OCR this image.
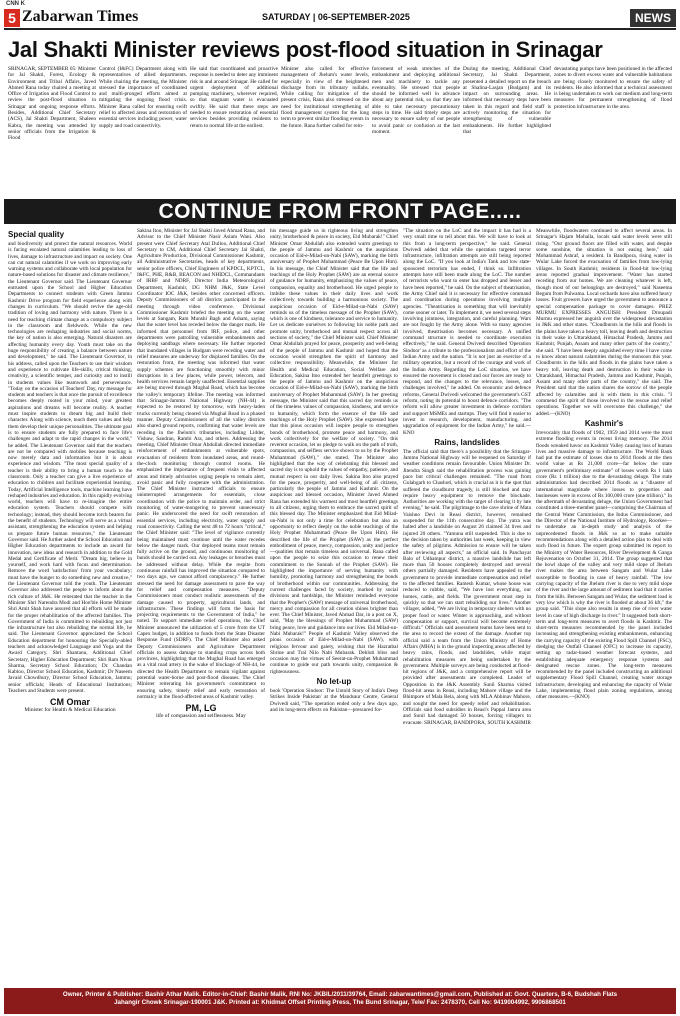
CNN K
5 Zabarwan Times	SATURDAY | 06-SEPTEMBER-2025	NEWS
Jal Shakti Minister reviews post-flood situation in Srinagar

SRINAGAR, SEPTEMBER 05: Minister for Jal Shakti, Forest, Ecology & Environment and Tribal Affairs, Javed Ahmed Rana today chaired a meeting at Office of Irrigation and Flood Control to review the post-flood situation in Srinagar and ongoing response efforts. Besides, Additional Chief Secretary (ACS), Jal Shakti Department, Shaleen Kabra, the meeting was attended by senior officials from the Irrigation & Flood

Control (I&FC) Department along with representatives of allied departments. While chairing the meeting, the Minister stressed the importance of coordinated and multi-pronged efforts aimed at mitigating the ongoing flood crisis. Minister Rana called for ensuring swift relief to affected areas and restoration of essential services including power, water supply and road connectivity.

He said that coordinated and proactive response is needed to deter any imminent risk in and around Srinagar. He called for urgent deployment of additional pumping machinery, wherever required, so that stagnant water is evacuated swiftly. He said that these steps are needed to ensure restoration of essential services besides providing residents to return to normal life at the earliest.

Minister also called for effective management of Jhelum's water levels, especially in view of the heightened discharge from its tributary nullahs. While calling for mitigation of the present crisis, Rana also stressed on the need for institutional strengthening of flood management system for the long term to prevent similar flooding events in the future. Rana further called for rein-

forcement of weak stretches of the embankment and deploying additional men and machinery to tackle any eventuality. He stressed that people should be informed well in advance about any potential risk, so that they are able to take necessary precautionary steps in time. He said timely steps are necessary to ensure safety of our people to avoid panic or confusion at the last moment.

During the meeting, Additional Chief Secretary, Jal Shakti Department, presented a detailed report on the breach at Shalina-Lasjan (Budgam) and its impact on surrounding areas. He informed that necessary steps have been taken in this regard and field staff is actively monitoring the situation for strengthening of vulnerable embankments. He further highlighted that

devastating pumps have been positioned in the affected zones to divert excess water and vulnerable habitations are being closely monitored to ensure the safety of residents. He also informed that a technical assessment is being undertaken to work out medium and long-term measures for permanent strengthening of flood protection infrastructure in the area.

CONTINUE FROM FRONT PAGE.....
Special quality

and biodiversity and protect the natural resources. World is facing escalated natural calamities leading to loss of lives, damage to infrastructure and impact on society. One can cut natural calamities if we work on improving early warning systems and collaborate with local population for nature-based solutions for disaster and climate resilience," the Lieutenant Governor said. The Lieutenant Governor entrusted upon the School and Higher Education Departments to connect students with Green Jammu Kashmir Drive program for field experience along with changes in curriculum. "We should revive the age-old tradition of loving and harmony with nature. There is a need for teaching climate change as a compulsory subject in the classroom and fieldwork. While the new technologies are reshaping industries and social norms, the key of nation is also emerging. Natural disasters are affecting humanity every day. Youth must take on the huge responsibility of creating a balance between nature and development," he said. The Lieutenant Governor, in his address, called upon the Teachers to use their wisdom and experience to cultivate life-skills, critical thinking, creativity, a scientific temper, and curiosity and to instill in students values like teamwork and perseverance. "Today on the occasion of Teachers' Day, my message for students and teachers is that once the pursuit of excellence becomes deeply rooted in your mind, your greatest aspirations and dreams will become reality. A teacher must inspire students to dream big and build their character. Along with science, teach them values and help them develop their unique personalities. The ultimate goal is to ensure students are fully prepared to face life's challenges and adapt to the rapid changes in the world," he added. The Lieutenant Governor said that the teachers are not be compared with mobiles because teaching is now merely data and information but it is about experience and wisdom. "The most special quality of a teacher is their ability to bring a human touch to the classroom. Only a teacher can give a live experience of education to children and facilitate experiential learning. Today, Artificial Intelligence tools, machine learning have reshaped industries and education. In this rapidly evolving world, teachers will have to re-imagine the entire education system. Teachers should compete with technology; instead, they should become torch bearers for the benefit of students. Technology will serve as a virtual assistant, strengthening the education system and helping us prepare future human resources," the Lieutenant Governor said. He further asked the School Education and Higher Education departments to include an award for innovation, new ideas and research in addition to the Gold Medal and Certificate of Merit. "Dream big, believe in yourself, and work hard with focus and determination. Remove the word 'satisfaction' from your vocabulary; must have the hunger to do something new and creative," the Lieutenant Governor told the youth. The Lieutenant Governor also addressed the people to inform about the rich culture of J&K. He reiterated that the teacher in the Minister Shri Narendra Modi and Hon'ble Home Minister Shri Amit Shah have assured that all efforts will be made for the proper rehabilitation of the affected families. The Government of India is committed to rebuilding not just the infrastructure but also rebuilding the normal life, he said. The Lieutenant Governor appreciated the School Education department for honouring the Specially-abled teachers and acknowledged Language and Yoga and the Award Category. Shri Shantanu, Additional Chief Secretary, Higher Education Department; Shri Ram Nivas Sharma, Secretary School Education; Dr. Chandan Kabloo, Director School Education, Kashmir; Dr Naseem Javaid Chowdhury, Director School Education, Jammu; senior officials; Heads of Educational Institutions; Teachers and Students were present.

CM Omar
Minister for Health & Medical Education

Sakina Itoo, Minister for Jal Shakti Javed Ahmad Rana, and Advisor to the Chief Minister Nasir Aslam Wani. Also present were Chief Secretary Atal Dulloo, Additional Chief Secretary to CM, Additional Chief Secretary Jal Shakti, Agriculture Production, Divisional Commissioner Kashmir, all Administrative Secretaries, heads of key departments, senior police officers, Chief Engineers of KPDCL, KPTCL, I&FC, PHE, R&B, BEACON and NHIDCL, Commandants of IRBF and NDRF, Director India Meteorological Department, Kashmir, DG NHM J&K, State Level Coordinator IOC J&K, besides other concerned officers. Deputy Commissioners of all districts participated in the meeting through video conference. Divisional Commissioner Kashmir briefed the meeting on the water levels at Sangam, Ram Munshi Bagh and Asham, saying that the water level has receded below the danger mark. He informed that personnel from IRF, police, and other departments were patrolling vulnerable embankments and deploying sandbags where necessary. He further reported that inundated villages in Budgam were receding water and relief measures are underway for displaced families. On the restoration front, the meeting was informed that water supply schemes are functioning smoothly with minor disruptions in a few places, while power, telecom, and health services remain largely unaffected. Essential supplies are being moved through Mughal Road, which has become the valley's temporary lifeline. The meeting was informed that Srinagar-Jammu National Highway (NH-44) is expected to be restored by tomorrow, with heavy-laden trucks currently being cleared via Mughal Road in a phased manner. Deputy Commissioners of all the valley districts also shared ground reports, confirming that water levels are receding in the Jhelum's tributaries, including Lidder, Vishaw, Sandran, Rambi Ara, and others. Addressing the meeting, Chief Minister Omar Abdullah directed immediate reinforcement of embankments at vulnerable spots, evacuation of residents from inundated areas, and round-the-clock monitoring through control rooms. He emphasized the importance of frequent visits to affected areas and timely advisories urging people to remain alert, avoid panic and fully cooperate with the administration. The Chief Minister instructed officials to ensure uninterrupted arrangements for essentials, close coordination with the police to maintain order, and strict monitoring of water-mongering to prevent unnecessary panic. He underscored the need for swift restoration of essential services, including electricity, water supply and road connectivity. Calling the next 48 to 72 hours "critical," the Chief Minister said: "The level of vigilance currently being maintained must continue until the water recedes below the danger mark. Our deployed teams must remain fully active on the ground, and continuous monitoring of bunds should be carried out. Any leakages or breaches must be addressed without delay. While the respite from continuous rainfall has improved the situation compared to two days ago, we cannot afford complacency." He further stressed the need for damage assessment to pave the way for relief and compensation measures. "Deputy Commissioners must conduct realistic assessments of the damage caused to property, agricultural lands, and infrastructure. These findings will form the basis for projecting requirements to the Government of India," he noted. To support immediate relief operations, the Chief Minister announced the utilization of 5 crore from the UT Capex budget, in addition to funds from the State Disaster Response Fund (SDRF). The Chief Minister also asked Deputy Commissioners and Agriculture Department officials to assess damage to standing crops across both provinces, highlighting that the Mughal Road has emerged as a vital road artery in the wake of blockage of NH-44, he directed the Health Department to remain vigilant against potential water-borne and post-flood diseases. The Chief Minister reiterating his government's commitment to ensuring safety, timely relief and early restoration of normalcy in the flood-affected areas of Kashmir valley.

PM, LG
life of compassion and selflessness. May

his message guide us in righteous living and strengthen unity, brotherhood & peace in society, Eid Mubarak!" Chief Minister Omar Abdullah also extended warm greetings to the people of Jammu and Kashmir on the auspicious occasion of Eid-e-Milad-un-Nabi (SAW), marking the birth anniversary of Prophet Muhammad (Peace Be Upon Him). In his message, the Chief Minister said that the life and teachings of the Holy Prophet (SAW) are an eternal source of guidance for humanity, emphasizing the values of peace, compassion, equality and brotherhood. He urged people to imbibe these values in their daily lives and work collectively towards building a harmonious society. The auspicious occasion of Eid-e-Milad-un-Nabi (SAW) reminds us of the timeless message of the Prophet (SAW), which is one of kindness, tolerance and service to humanity. Let us dedicate ourselves to following his noble path and promote unity, brotherhood and mutual respect across all sections of society," the Chief Minister said. Chief Minister Omar Abdullah prayed for peace, prosperity and well-being of the people of Jammu and Kashmir and hoped that the occasion would strengthen the spirit of harmony and collective responsibility. Meanwhile, the Minister for Health and Medical Education, Social Welfare and Education, Sakina Itoo extended her heartfelt greetings to the people of Jammu and Kashmir on the auspicious occasion of Eid-e-Milad-un-Nabi (SAW), marking the birth anniversary of Prophet Muhammad (SAW). In her greeting message, the Minister said that this sacred day reminds us of the timeless values of compassion, kindness, and service to humanity, which form the essence of the life and teachings of the Holy Prophet (SAW). She expressed hope that this pious occasion will inspire people to strengthen bonds of brotherhood, promote peace and harmony, and work collectively for the welfare of society. "On this reverent occasion, let us pledge to walk on the path of truth, compassion, and selfless service shown to us by the Prophet Muhammad (SAW)," she stated. The Minister also highlighted that the way of celebrating this blessed and sacred day is to uphold the values of empathy, patience, and mutual respect in our daily lives. Sakina Itoo also prayed for the peace, prosperity, and well-being of all citizens, particularly the people of Jammu and Kashmir. On the auspicious and blessed occasion, Minister Javed Ahmed Rana has extended his warmest and most heartfelt greetings to all citizens, urging them to embrace the sacred spirit of this blessed day. The Minister emphasized that Eid Milad-un-Nabi is not only a time for celebration but also an opportunity to reflect deeply on the noble teachings of the Holy Prophet Muhammad (Peace Be Upon Him). He described the life of the Prophet (SAW) as the perfect embodiment of peace, mercy, compassion, unity and justice—qualities that remain timeless and universal. Rana called upon the people to seize this occasion to renew their commitment to the Sunnah of the Prophet (SAW). He highlighted the importance of serving humanity with humility, promoting harmony and strengthening the bonds of brotherhood within our communities. Addressing the current challenges faced by society, marked by social divisions and hardships, the Minister reminded everyone that the Prophet's (SAW) message of universal brotherhood, mercy and compassion for all creation shines brighter than ever. The Chief Minister, Javed Ahmad Dar, in a post on X, said, "May the blessings of Prophet Muhammad (SAW) bring peace, love and guidance into our lives. Eid Milad-un-Nabi Mubarak!" People of Kashmir Valley observed the pious occasion of Eid-e-Milad-un-Nabi (SAW), with religious fervour and gaiety, wishing that the Hazratbal Shrine and Tral Nilo Nabi Mubarak. Dehluti bliss and occasion may the virtues of Seerat-un-Prophet Muhammad continue to guide our path towards unity, compassion & righteousness.

No let-up

book 'Operation Sindoor: The Untold Story of India's Deep Strikes Inside Pakistan' at the Mandsaur Centre, General Dwivedi said, "The operation ended only a few days ago, and its long-term effects on Pakistan—pressured for-

"The situation on the LoC and the impact it has had is a very small time to tell about this. We will have to look at this from a long-term perspective," he said. General Dwivedi added that while the operation targeted terror infrastructure, infiltration attempts are still being reported along the LoC. "If you look at India's Tank and low state-sponsored terrorism has ended, I think so. Infiltration attempts have still been made along the LoC. The number of terrorists who want to enter has dropped and lesser and have been reported," he said. On the subject of theatrisation, the Army Chief said it is necessary for effective command and coordination during operations involving multiple agencies. "Theatrisation is something that will inevitably come sooner or later. To implement it, we need several steps involving jointness, integration, and careful planning. Wars are not fought by the Army alone. With so many agencies involved, theatrisation becomes necessary. A unified command structure is needed to coordinate execution effectively," he said. General Dwivedi described 'Operation Sindoor' as a tribute to the professionalism and effort of the Indian Army and the nation. "It is not just an exercise of a military operation, but a record of the courage and work of the Indian Army. Regarding the LoC situation, we have ensured the movement is closed and our forces are ready to respond, and the changes to the relevance, losses, and challenges involved," he added. On economic and defence reforms, General Dwivedi welcomed the government's GST reform, noting its potential to boost defence corridors. "The reform will allow greater investment in defence corridors and support MSMEs and startups. They will find it easier to invest in research, development, manufacturing, and upgradation of equipment for the Indian Army," he said.—KNO

Rains, landslides

The official said that there's a possibility that the Srinagar-Jammu National Highway will be reopened on Saturday if weather conditions remain favourable. Union Minister Dr. Jitendra Singh said the rehabilitation process was gaining pace but critical challenges remained. "The road from Gulabgarh to Chashoti, which is crucial as it is the spot that suffered the cloudburst tragedy, is still blocked and may require heavy equipment to remove the blockade. Authorities are working with the target of clearing it by late evening," he said. The pilgrimage to the cave shrine of Mata Vaishno Devi in Reasi district, however, remained suspended for the 11th consecutive day. The yatra was halted after a landslide on August 26 claimed 34 lives and injured 20 others. "Yamuna still suspended. This is due to the decision taken by authorities last week, keeping in view the safety of pilgrims. Admission to ensure will be taken after reviewing all aspects," an official said. In Panchayat Balo of Udhampur district, a massive landslide has left more than 50 houses completely destroyed and several others partially damaged. Residents have appealed to the government to provide immediate compensation and relief to the affected families. Ramesh Kumar, whose house was reduced to rubble, said, "We have lost everything, our homes, cattle, and fields. The government must step in quickly so that we can start rebuilding our lives." Another villager, added, "We are living in temporary shelters with no proper food or water. Winter is approaching, and without compensation or support, survival will become extremely difficult." Officials said assessment teams have been sent to the area to record the extent of the damage. Another top official said a team from the Union Ministry of Home Affairs (MHA) is in the ground inspecting areas affected by heavy rains, floods, and landslides, while major rehabilitation measures are being undertaken by the government. Multiple surveys are being conducted at flood-hit regions of J&K, and a comprehensive report will be provided after assessments are completed. Leader of Opposition in the J&K Assembly Sunil Sharma visited flood-hit areas in Reasi, including Mahore village and the Bhimpore of Mala Bela, along with MLA Abhinav Mahore, and sought the need for speedy relief and rehabilitation. Officials said food subsidies in Reasi's Pappal Jamra area and Sunil had damaged 50 houses, forcing villagers to evacuate. SRINAGAR, BANDIPORA, SOUTH KASHMIR

Meanwhile, floodwaters continued to affect several areas. In Srinagar's Hajam Mohalla, locals said water levels were still rising. "Our ground floors are filled with water, and despite some sunshine, the situation is not easing here," said Mohammad Ashraf, a resident. In Bandipora, rising water in Wular Lake forced the evacuation of families from low-lying villages. In South Kashmir, residents in flood-hit low-lying areas reported gradual improvement. "Water has started receding from our homes. We are cleaning whatever is left, though most of our belongings are destroyed," said Naseema Begum from Pulwama. Local orchards have also suffered heavy losses. Fruit growers have urged the government to announce a special compensation package to cover damages. PREZ MURMU EXPRESSES ANGUISH: President Droupadi Murmu expressed her anguish over the widespread devastation in J&K and other states. "Cloudbursts in the hills and floods in the plains have taken a heavy toll, leaving death and destruction in their wake in Uttarakhand, Himachal Pradesh, Jammu and Kashmir, Punjab, Assam and many other parts of the country," she said. "I have been deeply anguished every time I have come to know about natural calamities during the monsoon this year. Cloudbursts in the hills and floods in the plains have taken a heavy toll, leaving death and destruction in their wake in Uttarakhand, Himachal Pradesh, Jammu and Kashmir, Punjab, Assam and many other parts of the country," she said. The President said that the nation shares the sorrow of the people affected by calamities and is with them in this crisis. "I commend the spirit of those involved in the rescue and relief operations. Together we will overcome this challenge," she added.—(KNO)

Kashmir's

Irrevocably that floods of 1902, 1959 and 2014 were the most extreme flooding events in recent living memory. The 2014 floods wreaked havoc on Kashmir Valley causing loss of human lives and massive damage to infrastructure. The World Bank had put the estimate of losses due to 2014 floods at the then world value at Rs 21,000 crore—far below the state government's preliminary estimate" of losses worth Rs 1 lakh crore (Rs 1 trillion) due to the devastating deluge. The state administration had described 2014 floods as a "disaster of international magnitude where losses to properties and businesses were in excess of Rs 100,000 crore (one trillion)." In the aftermath of devastating deluge, the Union Government had constituted a three-member panel—comprising the Chairman of the Central Water Commission, the Indus Commissioner, and the Director of the National Institute of Hydrology, Roorkee—to undertake an in-depth study and analysis of the unprecedented floods in J&K so as to make suitable recommendations along with a detailed action plan to deal with such flood in future. The expert group submitted its report to the Ministry of Water Resources, River Development & Ganga Rejuvenation on October 31, 2014. The group suggested that the bowl shape of the valley and very mild slope of Jhelum river makes the area between Sangam and Wular Lake susceptible to flooding in case of heavy rainfall. "The low carrying capacity of the Jhelum river is due to very mild slope of the river and the large amount of sediment load that it carries from the hills. Between Sangam and Wular, the sediment load is very low which is why the river is flooded at about 36 kft," the group said. "This slope also results in steep rise of river water level in case of high discharge in river." It suggested both short-term and long-term measures to avert floods in Kashmir. The short-term measures recommended by the panel included increasing and strengthening existing embankments, enhancing the carrying capacity of the existing Flood Spill Channel (FSC), dredging the Outfall Channel (OFC) to increase its capacity, setting up radar-based weather forecast systems, and establishing adequate emergency response systems and designated rescue zones. The long-term measures recommended by the panel included constructing an additional supplementary Flood Spill Channel, creating water storage infrastructure, developing and enhancing the capacity of Wular Lake, implementing flood plain zoning regulations, among other measures.—(KNO)

Owner, Printer & Publisher: Bashir Athar Malik. Editor-in-Chief: Bashir Malik, RNI No: JKBIL/2011/39764, Email: zabarwantimes@gmail.com, Published at: Govt. Quarters, B-6, Budshah Flats
Jahangir Chowk Srinagar-190001 J&K. Printed at: Khidmat Offset Printing Press, The Bund Srinagar, Tele/ Fax: 2478370, Cell No: 9419004992, 9906868501
